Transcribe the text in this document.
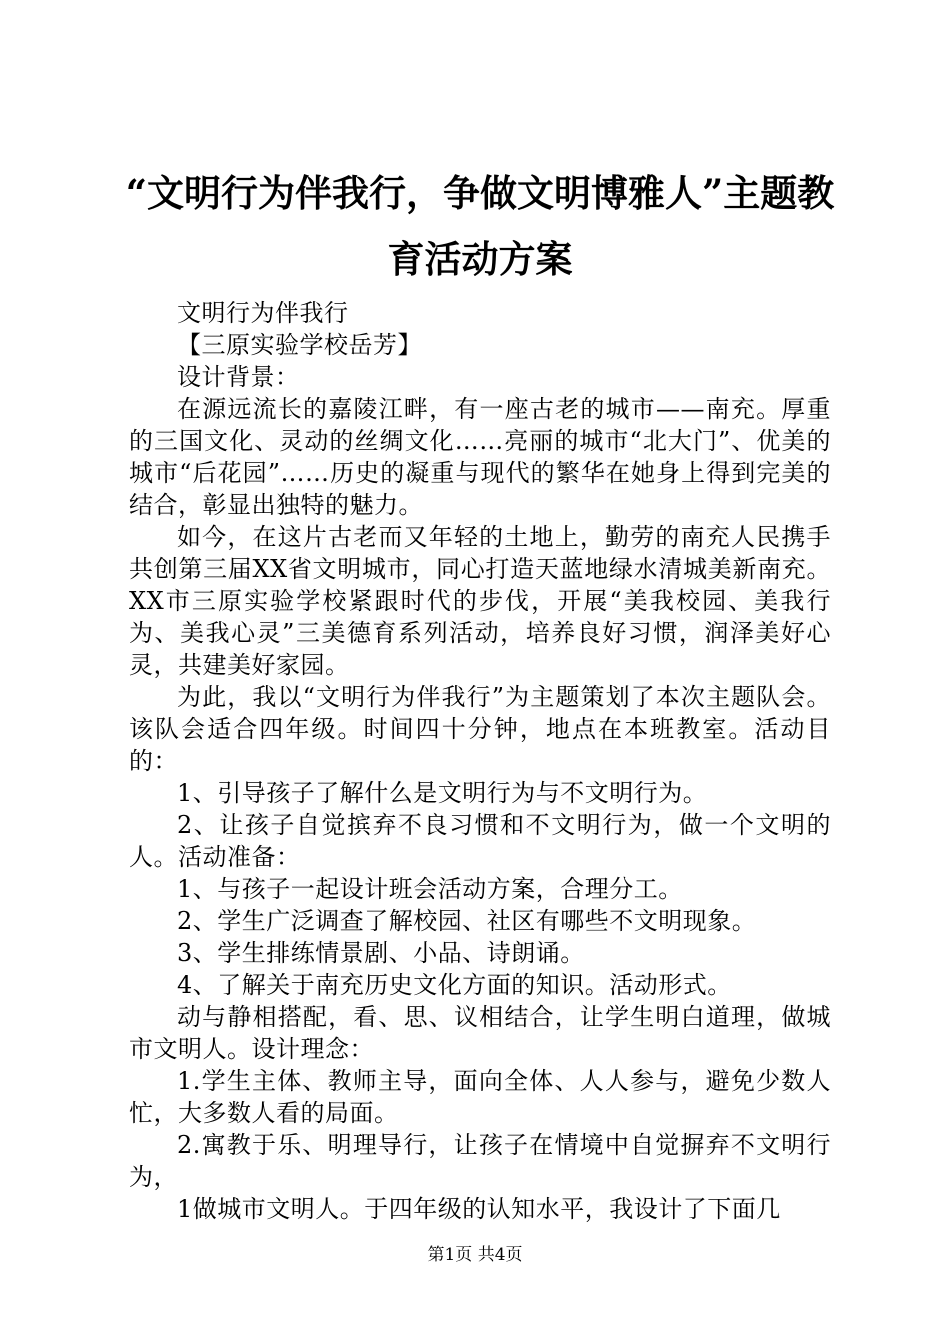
“文明行为伴我行，争做文明博雅人”主题教育活动方案

文明行为伴我行

【三原实验学校岳芳】

设计背景：

在源远流长的嘉陵江畔，有一座古老的城市——南充。厚重的三国文化、灵动的丝绸文化……亮丽的城市“北大门”、优美的城市“后花园”……历史的凝重与现代的繁华在她身上得到完美的结合，彰显出独特的魅力。

如今，在这片古老而又年轻的土地上，勤劳的南充人民携手共创第三届XX省文明城市，同心打造天蓝地绿水清城美新南充。XX市三原实验学校紧跟时代的步伐，开展“美我校园、美我行为、美我心灵”三美德育系列活动，培养良好习惯，润泽美好心灵，共建美好家园。

为此，我以“文明行为伴我行”为主题策划了本次主题队会。该队会适合四年级。时间四十分钟，地点在本班教室。活动目的：

1、引导孩子了解什么是文明行为与不文明行为。

2、让孩子自觉摈弃不良习惯和不文明行为，做一个文明的人。活动准备：

1、与孩子一起设计班会活动方案，合理分工。

2、学生广泛调查了解校园、社区有哪些不文明现象。

3、学生排练情景剧、小品、诗朗诵。

4、了解关于南充历史文化方面的知识。活动形式。

动与静相搭配，看、思、议相结合，让学生明白道理，做城市文明人。设计理念：

1.学生主体、教师主导，面向全体、人人参与，避免少数人忙，大多数人看的局面。

2.寓教于乐、明理导行，让孩子在情境中自觉摒弃不文明行为，

1做城市文明人。于四年级的认知水平，我设计了下面几

第1页 共4页
